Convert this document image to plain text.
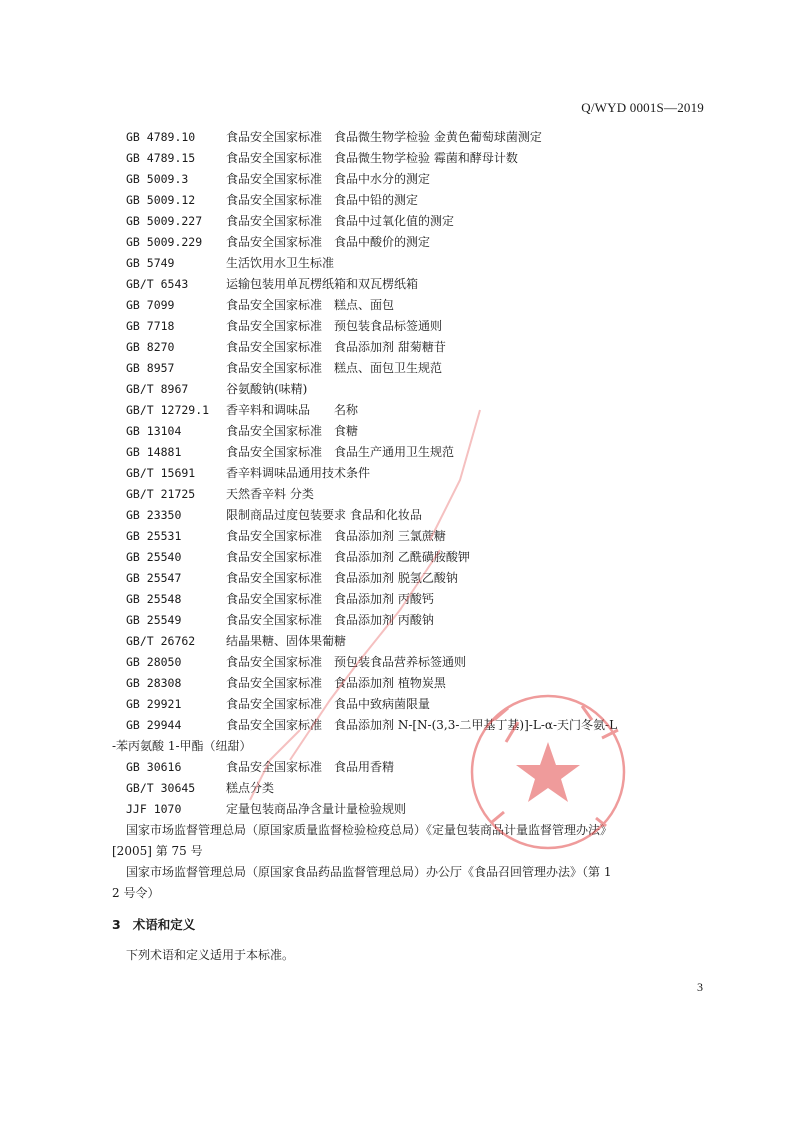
Q/WYD 0001S—2019
GB 4789.10	食品安全国家标准　食品微生物学检验 金黄色葡萄球菌测定
GB 4789.15	食品安全国家标准　食品微生物学检验 霉菌和酵母计数
GB 5009.3	食品安全国家标准　食品中水分的测定
GB 5009.12	食品安全国家标准　食品中铅的测定
GB 5009.227 食品安全国家标准　食品中过氧化值的测定
GB 5009.229 食品安全国家标准　食品中酸价的测定
GB 5749	生活饮用水卫生标准
GB/T 6543	运输包装用单瓦楞纸箱和双瓦楞纸箱
GB 7099	食品安全国家标准　糕点、面包
GB 7718	食品安全国家标准　预包装食品标签通则
GB 8270	食品安全国家标准　食品添加剂 甜菊糖苷
GB 8957	食品安全国家标准　糕点、面包卫生规范
GB/T 8967	谷氨酸钠(味精)
GB/T 12729.1 香辛料和调味品　　名称
GB 13104	食品安全国家标准　食糖
GB 14881	食品安全国家标准　食品生产通用卫生规范
GB/T 15691	香辛料调味品通用技术条件
GB/T 21725	天然香辛料 分类
GB 23350	限制商品过度包装要求 食品和化妆品
GB 25531	食品安全国家标准　食品添加剂 三氯蔗糖
GB 25540	食品安全国家标准　食品添加剂 乙酰磺胺酸钾
GB 25547	食品安全国家标准　食品添加剂 脱氢乙酸钠
GB 25548	食品安全国家标准　食品添加剂 丙酸钙
GB 25549	食品安全国家标准　食品添加剂 丙酸钠
GB/T 26762	结晶果糖、固体果葡糖
GB 28050	食品安全国家标准　预包装食品营养标签通则
GB 28308	食品安全国家标准　食品添加剂 植物炭黑
GB 29921	食品安全国家标准　食品中致病菌限量
GB 29944	食品安全国家标准　食品添加剂 N-[N-(3,3-二甲基丁基)]-L-α-天门冬氨-L
-苯丙氨酸 1-甲酯（纽甜）
GB 30616	食品安全国家标准　食品用香精
GB/T 30645	糕点分类
JJF 1070	定量包装商品净含量计量检验规则
国家市场监督管理总局（原国家质量监督检验检疫总局）《定量包装商品计量监督管理办法》
[2005] 第 75 号
国家市场监督管理总局（原国家食品药品监督管理总局）办公厅《食品召回管理办法》（第 1
2 号令）
3 术语和定义
下列术语和定义适用于本标准。
3
